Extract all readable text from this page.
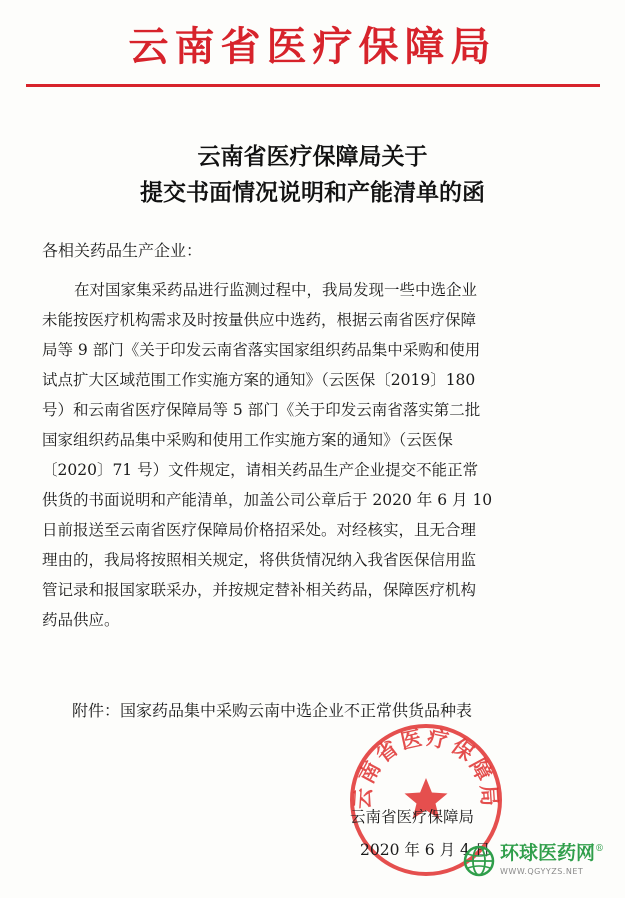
云南省医疗保障局
云南省医疗保障局关于
提交书面情况说明和产能清单的函
各相关药品生产企业：
在对国家集采药品进行监测过程中，我局发现一些中选企业
未能按医疗机构需求及时按量供应中选药，根据云南省医疗保障
局等 9 部门《关于印发云南省落实国家组织药品集中采购和使用
试点扩大区域范围工作实施方案的通知》（云医保〔2019〕180
号）和云南省医疗保障局等 5 部门《关于印发云南省落实第二批
国家组织药品集中采购和使用工作实施方案的通知》（云医保
〔2020〕71 号）文件规定，请相关药品生产企业提交不能正常
供货的书面说明和产能清单，加盖公司公章后于 2020 年 6 月 10
日前报送至云南省医疗保障局价格招采处。对经核实，且无合理
理由的，我局将按照相关规定，将供货情况纳入我省医保信用监
管记录和报国家联采办，并按规定替补相关药品，保障医疗机构
药品供应。
附件：国家药品集中采购云南中选企业不正常供货品种表
云南省医疗保障局
云南省医疗保障局
2020 年 6 月 4 日 环球医药网®
WWW.QGYYZS.NET
